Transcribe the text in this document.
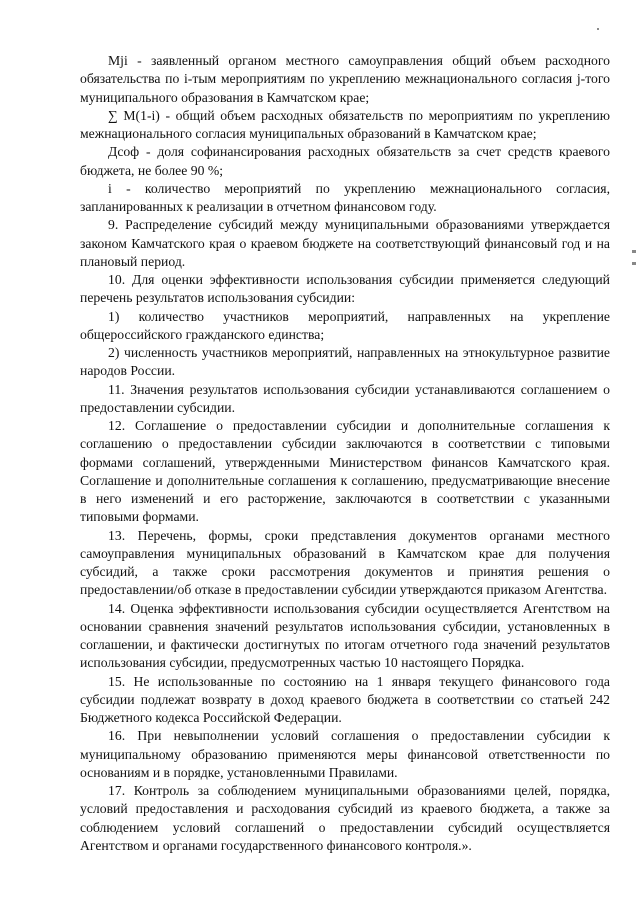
Mji - заявленный органом местного самоуправления общий объем расходного обязательства по i-тым мероприятиям по укреплению межнационального согласия j-того муниципального образования в Камчатском крае;

∑ M(1-i) - общий объем расходных обязательств по мероприятиям по укреплению межнационального согласия муниципальных образований в Камчатском крае;

Дсоф - доля софинансирования расходных обязательств за счет средств краевого бюджета, не более 90 %;

i - количество мероприятий по укреплению межнационального согласия, запланированных к реализации в отчетном финансовом году.

9. Распределение субсидий между муниципальными образованиями утверждается законом Камчатского края о краевом бюджете на соответствующий финансовый год и на плановый период.

10. Для оценки эффективности использования субсидии применяется следующий перечень результатов использования субсидии:

1) количество участников мероприятий, направленных на укрепление общероссийского гражданского единства;

2) численность участников мероприятий, направленных на этнокультурное развитие народов России.

11. Значения результатов использования субсидии устанавливаются соглашением о предоставлении субсидии.

12. Соглашение о предоставлении субсидии и дополнительные соглашения к соглашению о предоставлении субсидии заключаются в соответствии с типовыми формами соглашений, утвержденными Министерством финансов Камчатского края. Соглашение и дополнительные соглашения к соглашению, предусматривающие внесение в него изменений и его расторжение, заключаются в соответствии с указанными типовыми формами.

13. Перечень, формы, сроки представления документов органами местного самоуправления муниципальных образований в Камчатском крае для получения субсидий, а также сроки рассмотрения документов и принятия решения о предоставлении/об отказе в предоставлении субсидии утверждаются приказом Агентства.

14. Оценка эффективности использования субсидии осуществляется Агентством на основании сравнения значений результатов использования субсидии, установленных в соглашении, и фактически достигнутых по итогам отчетного года значений результатов использования субсидии, предусмотренных частью 10 настоящего Порядка.

15. Не использованные по состоянию на 1 января текущего финансового года субсидии подлежат возврату в доход краевого бюджета в соответствии со статьей 242 Бюджетного кодекса Российской Федерации.

16. При невыполнении условий соглашения о предоставлении субсидии к муниципальному образованию применяются меры финансовой ответственности по основаниям и в порядке, установленными Правилами.

17. Контроль за соблюдением муниципальными образованиями целей, порядка, условий предоставления и расходования субсидий из краевого бюджета, а также за соблюдением условий соглашений о предоставлении субсидий осуществляется Агентством и органами государственного финансового контроля.».
